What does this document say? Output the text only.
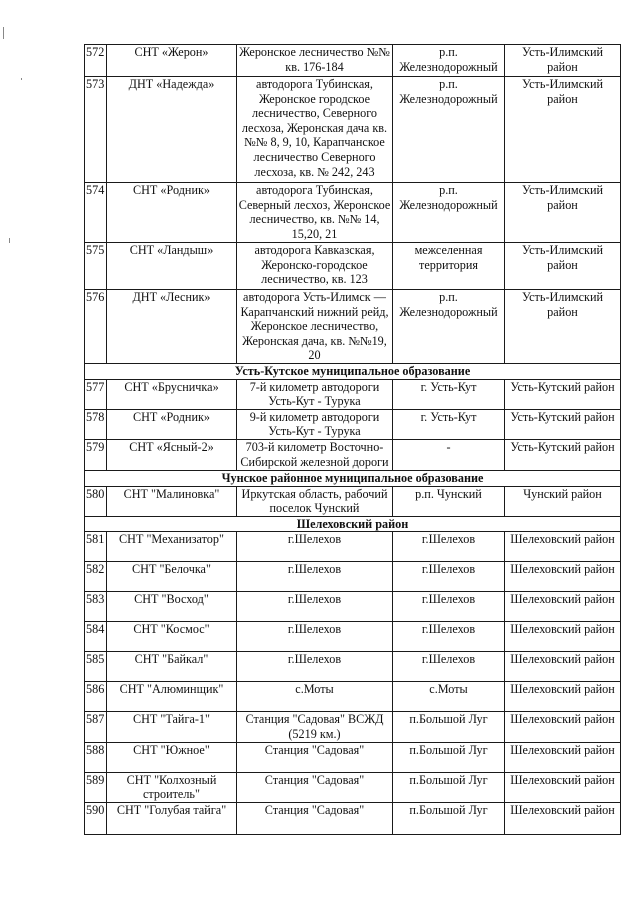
572	СНТ «Жерон»	Жеронское лесничество №№ кв. 176-184	р.п. Железнодорожный	Усть-Илимский район
573	ДНТ «Надежда»	автодорога Тубинская, Жеронское городское лесничество, Северного лесхоза, Жеронская дача кв. №№ 8, 9, 10, Карапчанское лесничество Северного лесхоза, кв. № 242, 243	р.п. Железнодорожный	Усть-Илимский район
574	СНТ «Родник»	автодорога Тубинская, Северный лесхоз, Жеронское лесничество, кв. №№ 14, 15,20, 21	р.п. Железнодорожный	Усть-Илимский район
575	СНТ «Ландыш»	автодорога Кавказская, Жеронско-городское лесничество, кв. 123	межселенная территория	Усть-Илимский район
576	ДНТ «Лесник»	автодорога Усть-Илимск — Карапчанский нижний рейд, Жеронское лесничество, Жеронская дача, кв. №№19, 20	р.п. Железнодорожный	Усть-Илимский район
Усть-Кутское муниципальное образование				
577	СНТ «Брусничка»	7-й километр автодороги Усть-Кут - Турука	г. Усть-Кут	Усть-Кутский район
578	СНТ «Родник»	9-й километр автодороги Усть-Кут - Турука	г. Усть-Кут	Усть-Кутский район
579	СНТ «Ясный-2»	703-й километр Восточно-Сибирской железной дороги	-	Усть-Кутский район
Чунское районное муниципальное образование				
580	СНТ "Малиновка"	Иркутская область, рабочий поселок Чунский	р.п. Чунский	Чунский район
Шелеховский район				
581	СНТ "Механизатор"	г.Шелехов	г.Шелехов	Шелеховский район
582	СНТ "Белочка"	г.Шелехов	г.Шелехов	Шелеховский район
583	СНТ "Восход"	г.Шелехов	г.Шелехов	Шелеховский район
584	СНТ "Космос"	г.Шелехов	г.Шелехов	Шелеховский район
585	СНТ "Байкал"	г.Шелехов	г.Шелехов	Шелеховский район
586	СНТ "Алюминщик"	с.Моты	с.Моты	Шелеховский район
587	СНТ "Тайга-1"	Станция "Садовая" ВСЖД (5219 км.)	п.Большой Луг	Шелеховский район
588	СНТ "Южное"	Станция "Садовая"	п.Большой Луг	Шелеховский район
589	СНТ "Колхозный строитель"	Станция "Садовая"	п.Большой Луг	Шелеховский район
590	СНТ "Голубая тайга"	Станция "Садовая"	п.Большой Луг	Шелеховский район
